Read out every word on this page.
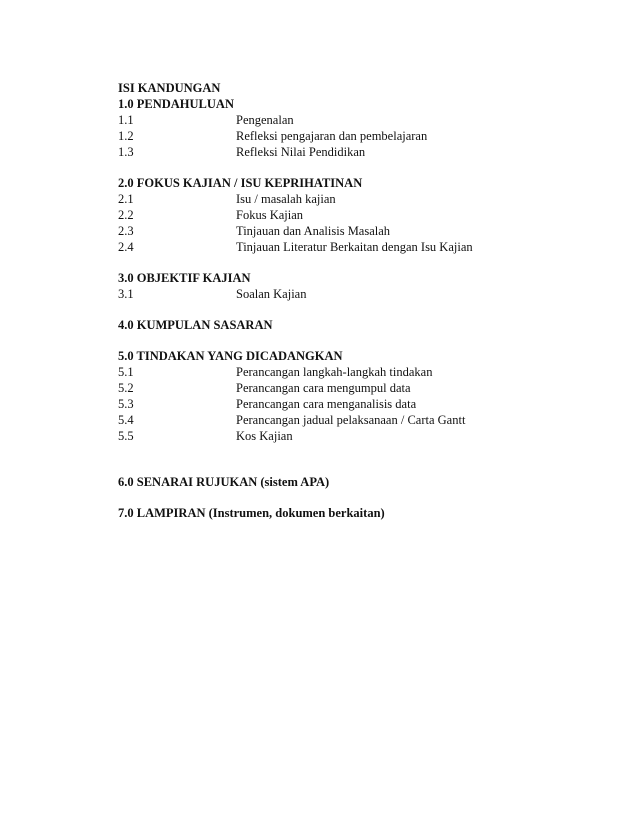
ISI KANDUNGAN
1.0 PENDAHULUAN
1.1	Pengenalan
1.2	Refleksi pengajaran dan pembelajaran
1.3	Refleksi Nilai Pendidikan
2.0 FOKUS KAJIAN / ISU KEPRIHATINAN
2.1	Isu / masalah kajian
2.2	Fokus Kajian
2.3	Tinjauan dan Analisis Masalah
2.4	Tinjauan Literatur Berkaitan dengan Isu Kajian
3.0 OBJEKTIF KAJIAN
3.1	Soalan Kajian
4.0 KUMPULAN SASARAN
5.0 TINDAKAN YANG DICADANGKAN
5.1	Perancangan langkah-langkah tindakan
5.2	Perancangan cara mengumpul data
5.3	Perancangan cara menganalisis data
5.4	Perancangan jadual pelaksanaan / Carta Gantt
5.5	Kos Kajian
6.0 SENARAI RUJUKAN (sistem APA)
7.0 LAMPIRAN (Instrumen, dokumen berkaitan)
